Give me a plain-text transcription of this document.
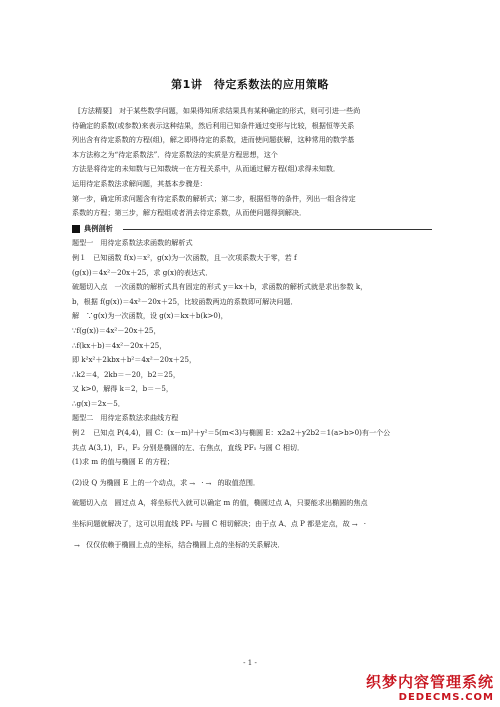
第1讲　待定系数法的应用策略

[方法精要]　对于某些数学问题，如果得知所求结果具有某种确定的形式，则可引进一些尚

待确定的系数(或参数)来表示这种结果，然后利用已知条件通过变形与比较，根据恒等关系

列出含有待定系数的方程(组)，解之即得待定的系数，进而使问题获解，这种常用的数学基

本方法称之为“待定系数法”．待定系数法的实质是方程思想，这个

方法是将待定的未知数与已知数统一在方程关系中，从而通过解方程(组)求得未知数．

运用待定系数法求解问题，其基本步骤是：

第一步，确定所求问题含有待定系数的解析式；第二步，根据恒等的条件，列出一组含待定

系数的方程；第三步，解方程组或者消去待定系数，从而使问题得到解决．

典例剖析

题型一　用待定系数法求函数的解析式

例１　已知函数 f(x)＝x²，g(x)为一次函数，且一次项系数大于零，若 f

(g(x))＝4x²－20x＋25，求 g(x)的表达式．

破题切入点　一次函数的解析式具有固定的形式 y＝kx＋b，求函数的解析式就是求出参数 k，

b，根据 f(g(x))＝4x²－20x＋25，比较函数两边的系数即可解决问题．

解　∵g(x)为一次函数，设 g(x)＝kx＋b(k>0)，

∵f(g(x))＝4x²－20x＋25，

∴f(kx＋b)＝4x²－20x＋25，

即 k²x²＋2kbx＋b²＝4x²－20x＋25，

∴k2＝4，2kb＝－20，b2＝25，

又 k>0，解得 k＝2，b＝－5，

∴g(x)＝2x－5．

题型二　用待定系数法求曲线方程

例２　已知点 P(4,4)，圆 C：(x－m)²＋y²＝5(m<3)与椭圆 E：x2a2＋y2b2＝1(a>b>0)有一个公

共点 A(3,1)，F₁，F₂ 分别是椭圆的左、右焦点，直线 PF₁ 与圆 C 相切．

(1)求 m 的值与椭圆 E 的方程；

(2)设 Q 为椭圆 E 上的一个动点，求 · 的取值范围．

破题切入点　圆过点 A，将坐标代入就可以确定 m 的值，椭圆过点 A，只要能求出椭圆的焦点

坐标问题就解决了，这可以用直线 PF₁ 与圆 C 相切解决；由于点 A、点 P 都是定点，故 ·

仅仅依赖于椭圆上点的坐标，结合椭圆上点的坐标的关系解决．

- 1 -
织梦内容管理系统
DEDECMS.COM
